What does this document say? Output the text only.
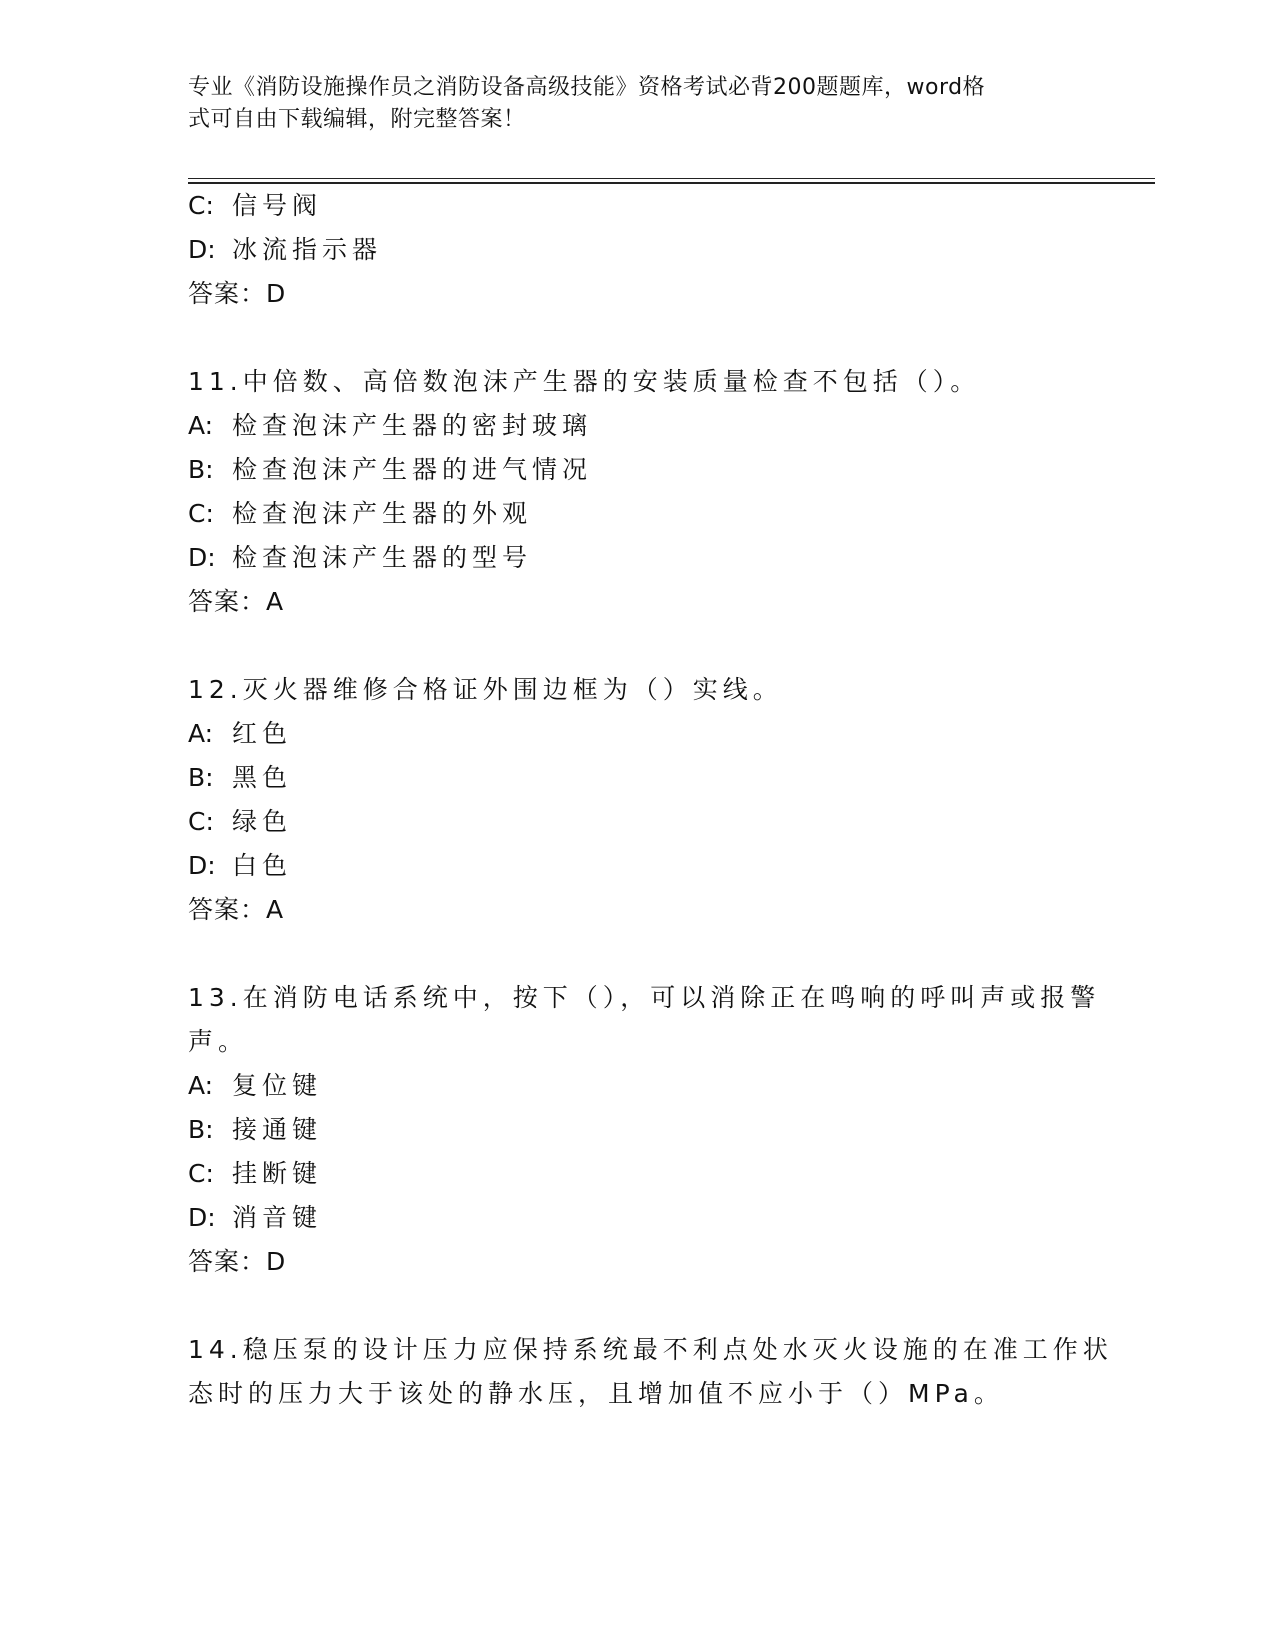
专业《消防设施操作员之消防设备高级技能》资格考试必背200题题库，word格
式可自由下载编辑，附完整答案！
C: 信号阀
D: 冰流指示器
答案：D
11.中倍数、高倍数泡沫产生器的安装质量检查不包括（）。
A: 检查泡沫产生器的密封玻璃
B: 检查泡沫产生器的进气情况
C: 检查泡沫产生器的外观
D: 检查泡沫产生器的型号
答案：A
12.灭火器维修合格证外围边框为（）实线。
A: 红色
B: 黑色
C: 绿色
D: 白色
答案：A
13.在消防电话系统中，按下（），可以消除正在鸣响的呼叫声或报警
声。
A: 复位键
B: 接通键
C: 挂断键
D: 消音键
答案：D
14.稳压泵的设计压力应保持系统最不利点处水灭火设施的在准工作状
态时的压力大于该处的静水压，且增加值不应小于（）MPa。
